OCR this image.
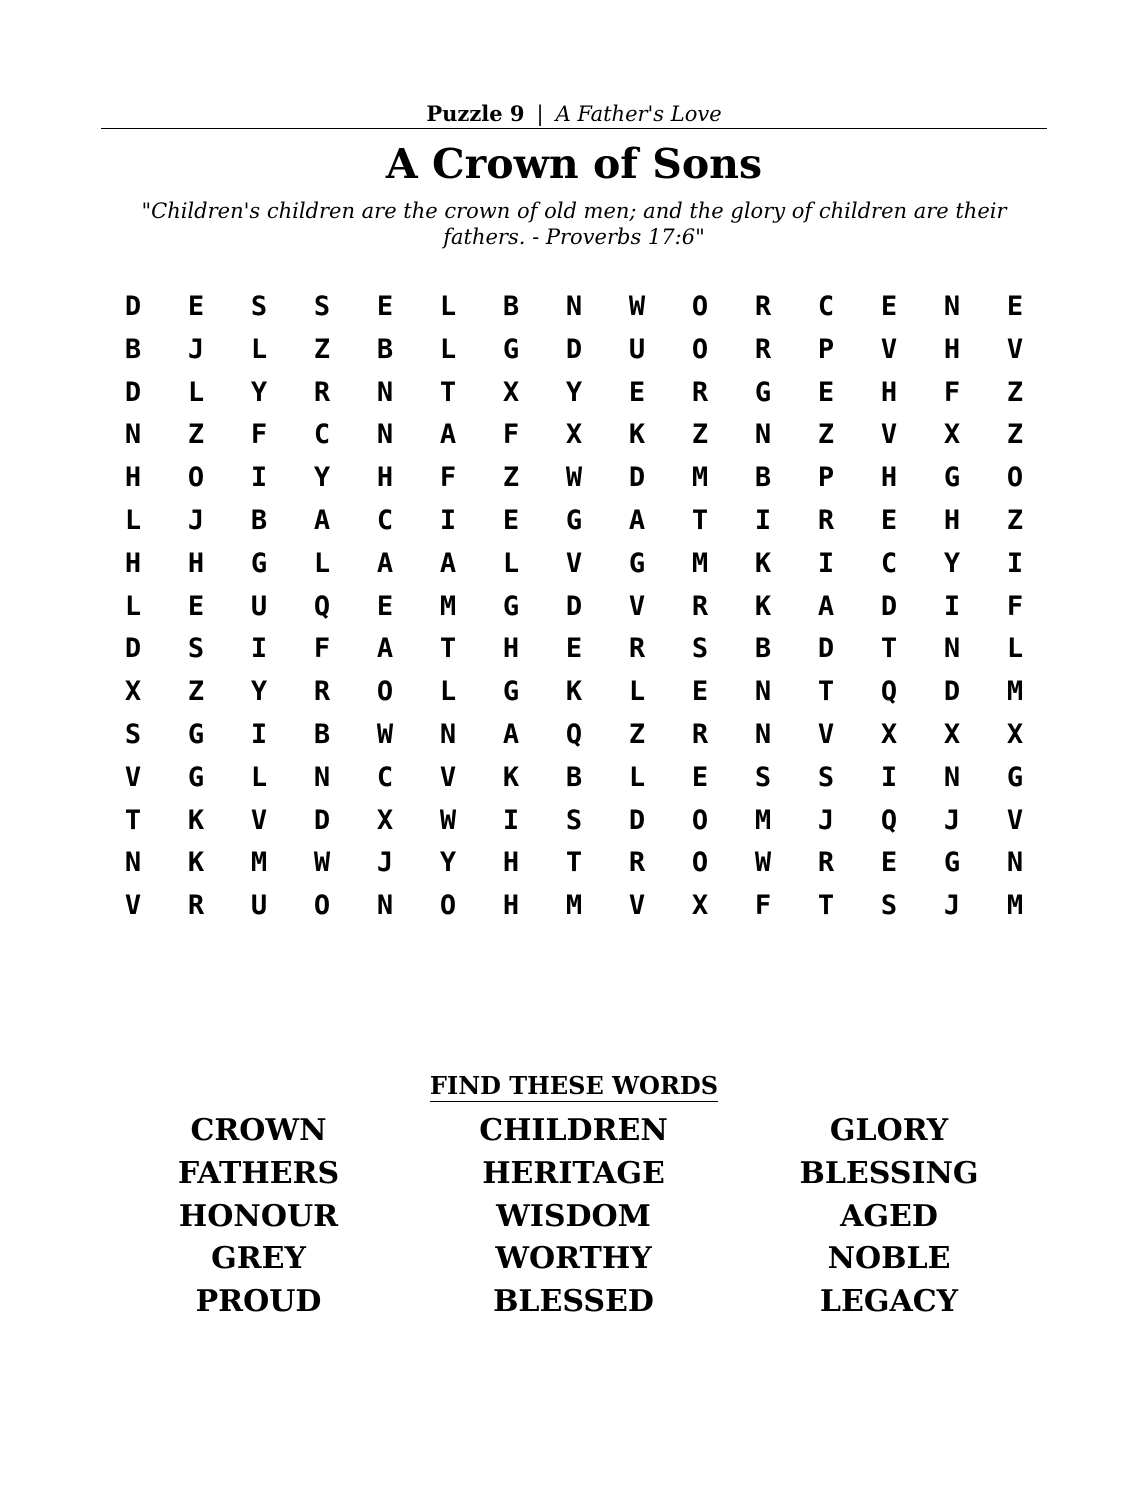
Puzzle 9 | A Father's Love
A Crown of Sons
"Children's children are the crown of old men; and the glory of children are their fathers. - Proverbs 17:6"
D	E	S	S	E	L	B	N	W	O	R	C	E	N	E
B	J	L	Z	B	L	G	D	U	O	R	P	V	H	V
D	L	Y	R	N	T	X	Y	E	R	G	E	H	F	Z
N	Z	F	C	N	A	F	X	K	Z	N	Z	V	X	Z
H	O	I	Y	H	F	Z	W	D	M	B	P	H	G	O
L	J	B	A	C	I	E	G	A	T	I	R	E	H	Z
H	H	G	L	A	A	L	V	G	M	K	I	C	Y	I
L	E	U	Q	E	M	G	D	V	R	K	A	D	I	F
D	S	I	F	A	T	H	E	R	S	B	D	T	N	L
X	Z	Y	R	O	L	G	K	L	E	N	T	Q	D	M
S	G	I	B	W	N	A	Q	Z	R	N	V	X	X	X
V	G	L	N	C	V	K	B	L	E	S	S	I	N	G
T	K	V	D	X	W	I	S	D	O	M	J	Q	J	V
N	K	M	W	J	Y	H	T	R	O	W	R	E	G	N
V	R	U	O	N	O	H	M	V	X	F	T	S	J	M
FIND THESE WORDS
CROWN	CHILDREN	GLORY
FATHERS	HERITAGE	BLESSING
HONOUR	WISDOM	AGED
GREY	WORTHY	NOBLE
PROUD	BLESSED	LEGACY
